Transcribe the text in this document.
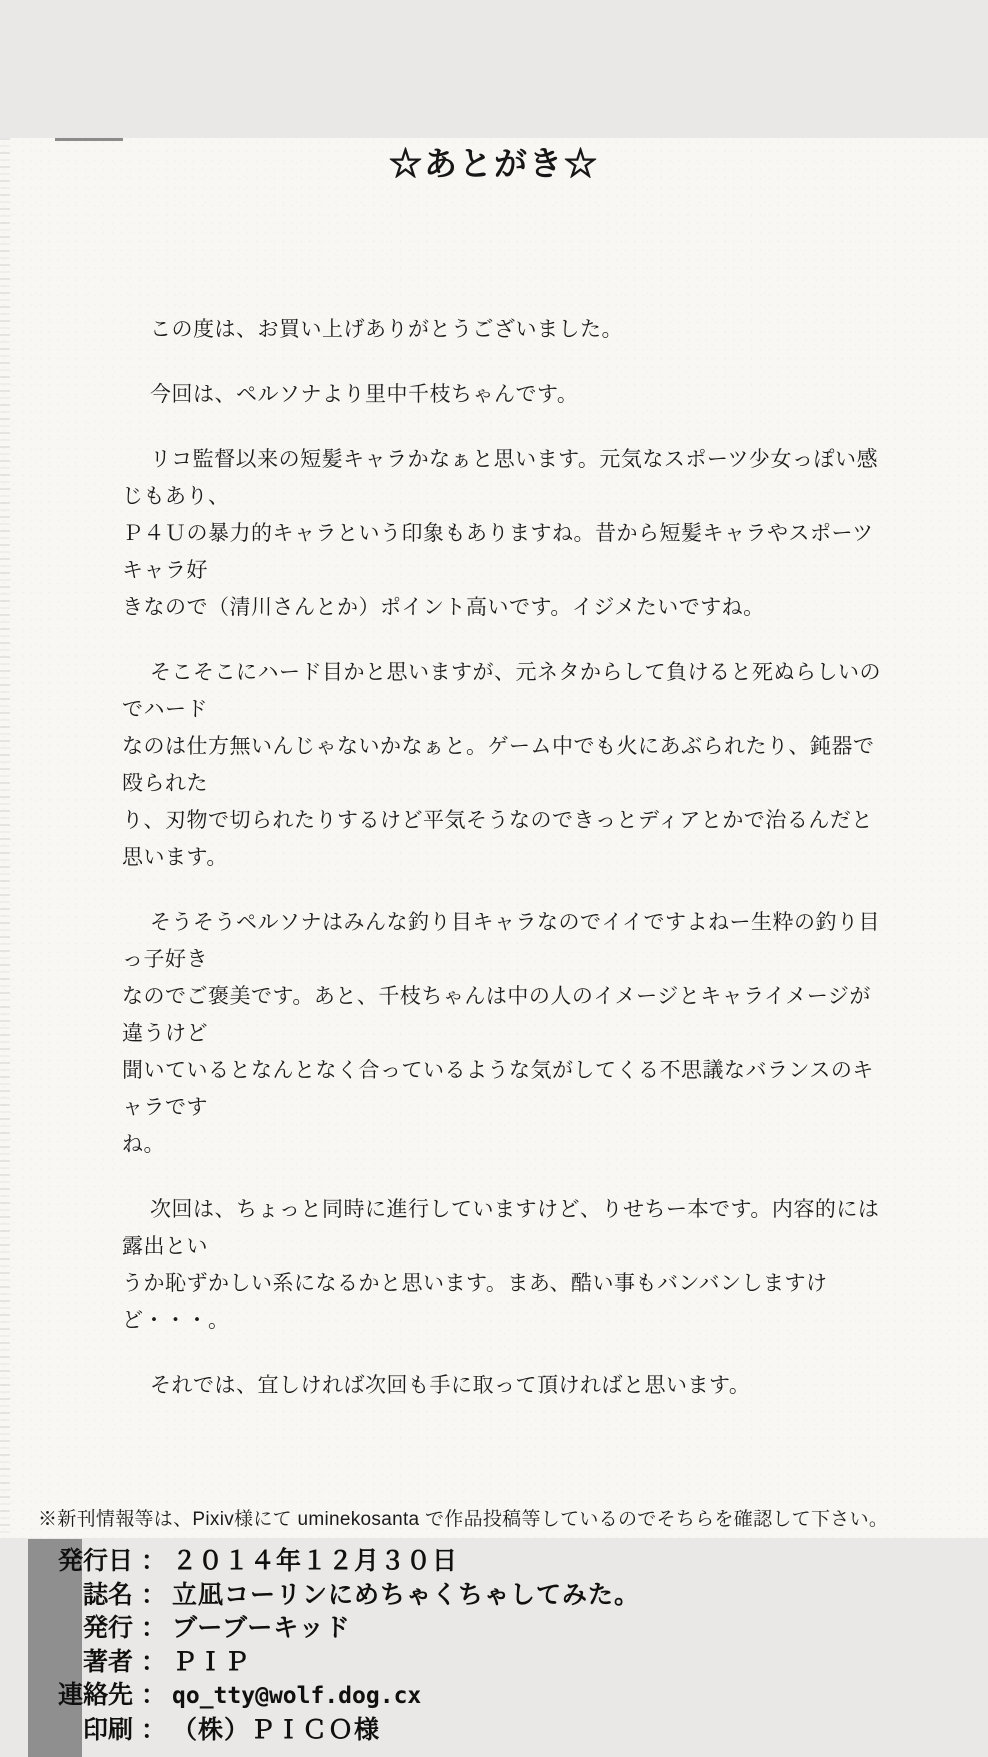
☆あとがき☆

この度は、お買い上げありがとうございました。

今回は、ペルソナより里中千枝ちゃんです。

リコ監督以来の短髪キャラかなぁと思います。元気なスポーツ少女っぽい感じもあり、
Ｐ４Ｕの暴力的キャラという印象もありますね。昔から短髪キャラやスポーツキャラ好
きなので（清川さんとか）ポイント高いです。イジメたいですね。

そこそこにハード目かと思いますが、元ネタからして負けると死ぬらしいのでハード
なのは仕方無いんじゃないかなぁと。ゲーム中でも火にあぶられたり、鈍器で殴られた
り、刃物で切られたりするけど平気そうなのできっとディアとかで治るんだと思います。

そうそうペルソナはみんな釣り目キャラなのでイイですよねー生粋の釣り目っ子好き
なのでご褒美です。あと、千枝ちゃんは中の人のイメージとキャライメージが違うけど
聞いているとなんとなく合っているような気がしてくる不思議なバランスのキャラです
ね。

次回は、ちょっと同時に進行していますけど、りせちー本です。内容的には露出とい
うか恥ずかしい系になるかと思います。まあ、酷い事もバンバンしますけど・・・。

それでは、宜しければ次回も手に取って頂ければと思います。

※新刊情報等は、Pixiv様にて uminekosanta で作品投稿等しているのでそちらを確認して下さい。
発行日 ： ２０１４年１２月３０日
誌名 ： 立凪コーリンにめちゃくちゃしてみた。
発行 ： ブーブーキッド
著者 ： ＰＩＰ
連絡先 ： qo_tty@wolf.dog.cx
印刷 ： （株）ＰＩＣＯ様
